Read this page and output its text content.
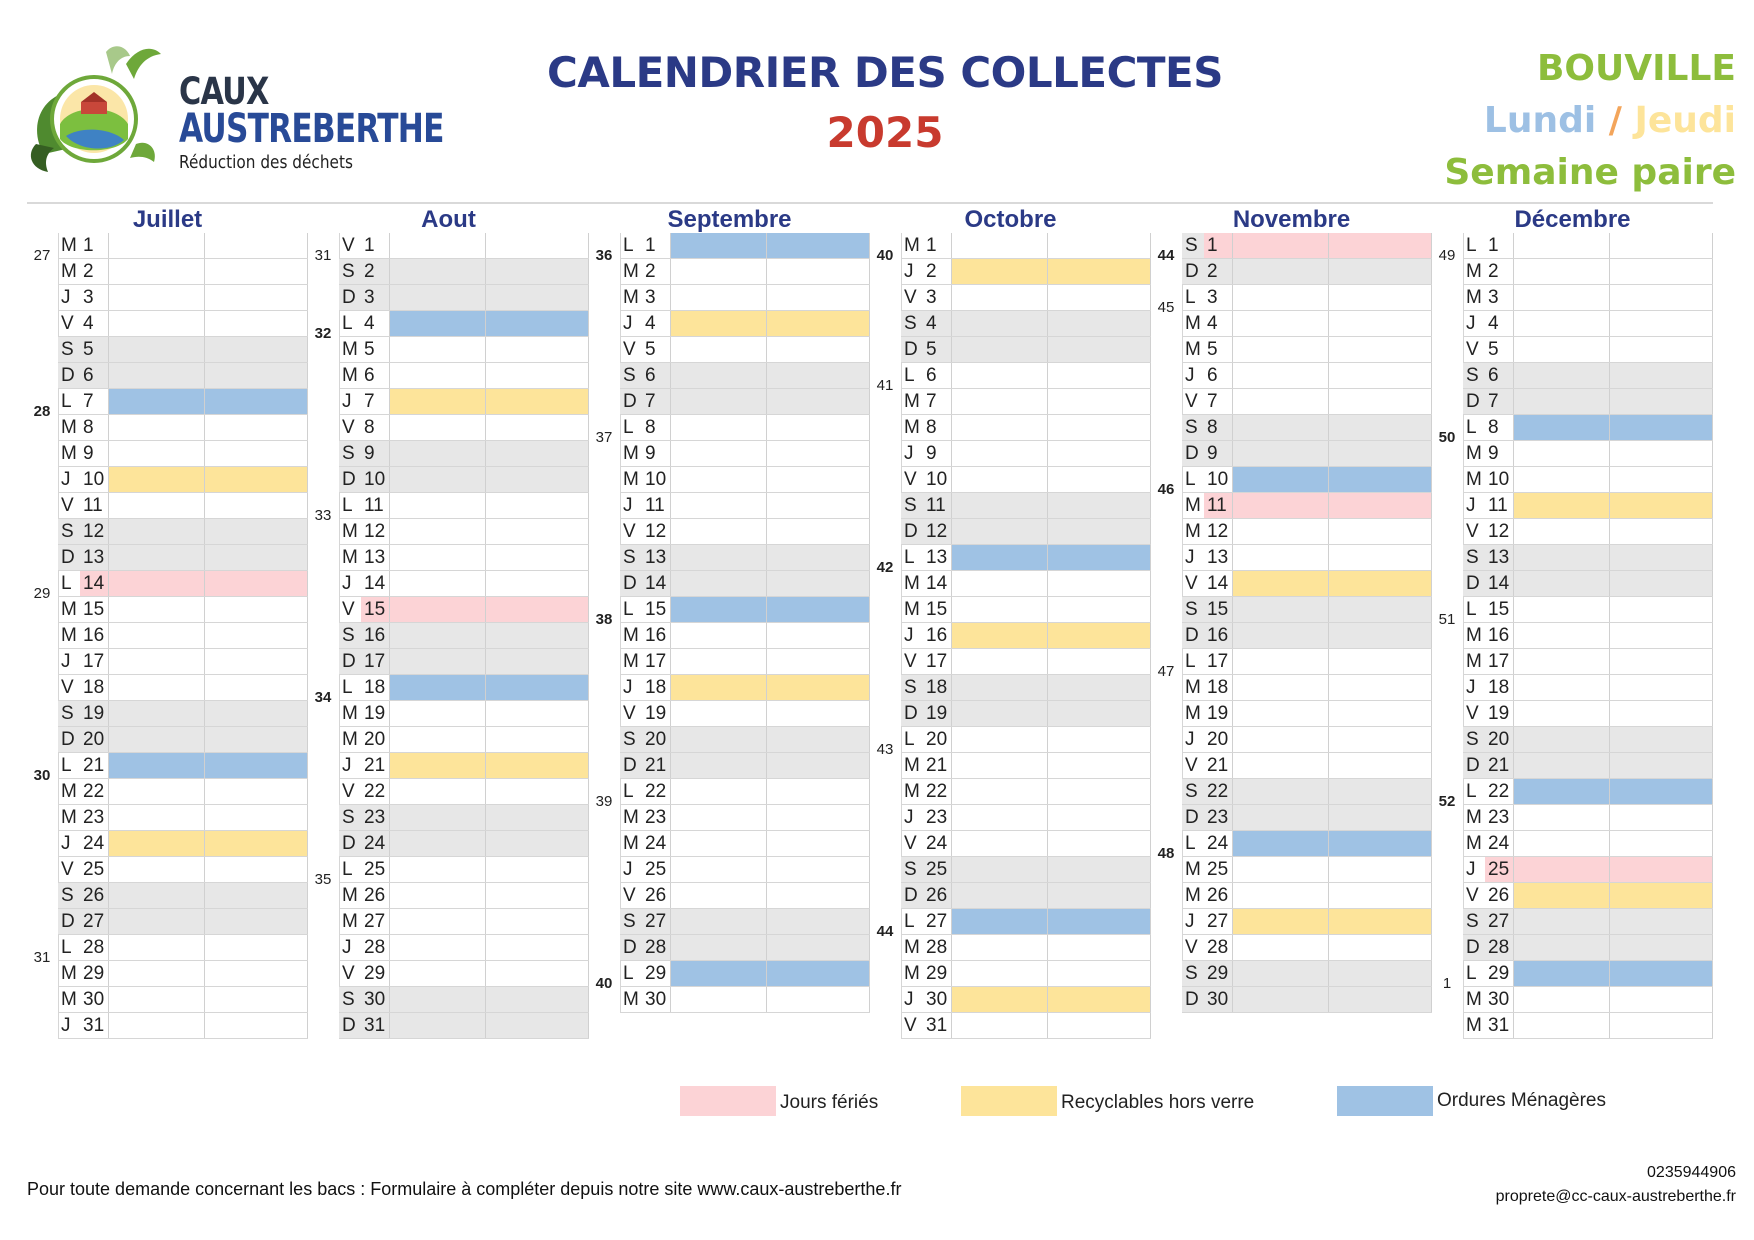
CAUX
AUSTREBERTHE
Réduction des déchets
CALENDRIER DES COLLECTES
2025
BOUVILLE
Lundi / Jeudi
Semaine paire
Juillet
M 1
M 2
J 3
V 4
S 5
D 6
L 7
M 8
M 9
J 10
V 11
S 12
D 13
L 14
M 15
M 16
J 17
V 18
S 19
D 20
L 21
M 22
M 23
J 24
V 25
S 26
D 27
L 28
M 29
M 30
J 31
27
28
29
30
31
Aout
V 1
S 2
D 3
L 4
M 5
M 6
J 7
V 8
S 9
D 10
L 11
M 12
M 13
J 14
V 15
S 16
D 17
L 18
M 19
M 20
J 21
V 22
S 23
D 24
L 25
M 26
M 27
J 28
V 29
S 30
D 31
31
32
33
34
35
Septembre
L 1
M 2
M 3
J 4
V 5
S 6
D 7
L 8
M 9
M 10
J 11
V 12
S 13
D 14
L 15
M 16
M 17
J 18
V 19
S 20
D 21
L 22
M 23
M 24
J 25
V 26
S 27
D 28
L 29
M 30
36
37
38
39
40
Octobre
M 1
J 2
V 3
S 4
D 5
L 6
M 7
M 8
J 9
V 10
S 11
D 12
L 13
M 14
M 15
J 16
V 17
S 18
D 19
L 20
M 21
M 22
J 23
V 24
S 25
D 26
L 27
M 28
M 29
J 30
V 31
40
41
42
43
44
Novembre
S 1
D 2
L 3
M 4
M 5
J 6
V 7
S 8
D 9
L 10
M 11
M 12
J 13
V 14
S 15
D 16
L 17
M 18
M 19
J 20
V 21
S 22
D 23
L 24
M 25
M 26
J 27
V 28
S 29
D 30
44
45
46
47
48
Décembre
L 1
M 2
M 3
J 4
V 5
S 6
D 7
L 8
M 9
M 10
J 11
V 12
S 13
D 14
L 15
M 16
M 17
J 18
V 19
S 20
D 21
L 22
M 23
M 24
J 25
V 26
S 27
D 28
L 29
M 30
M 31
49
50
51
52
1
Jours fériés	Recyclables hors verre	Ordures Ménagères
Pour toute demande concernant les bacs : Formulaire à compléter depuis notre site www.caux-austreberthe.fr
0235944906
proprete@cc-caux-austreberthe.fr
